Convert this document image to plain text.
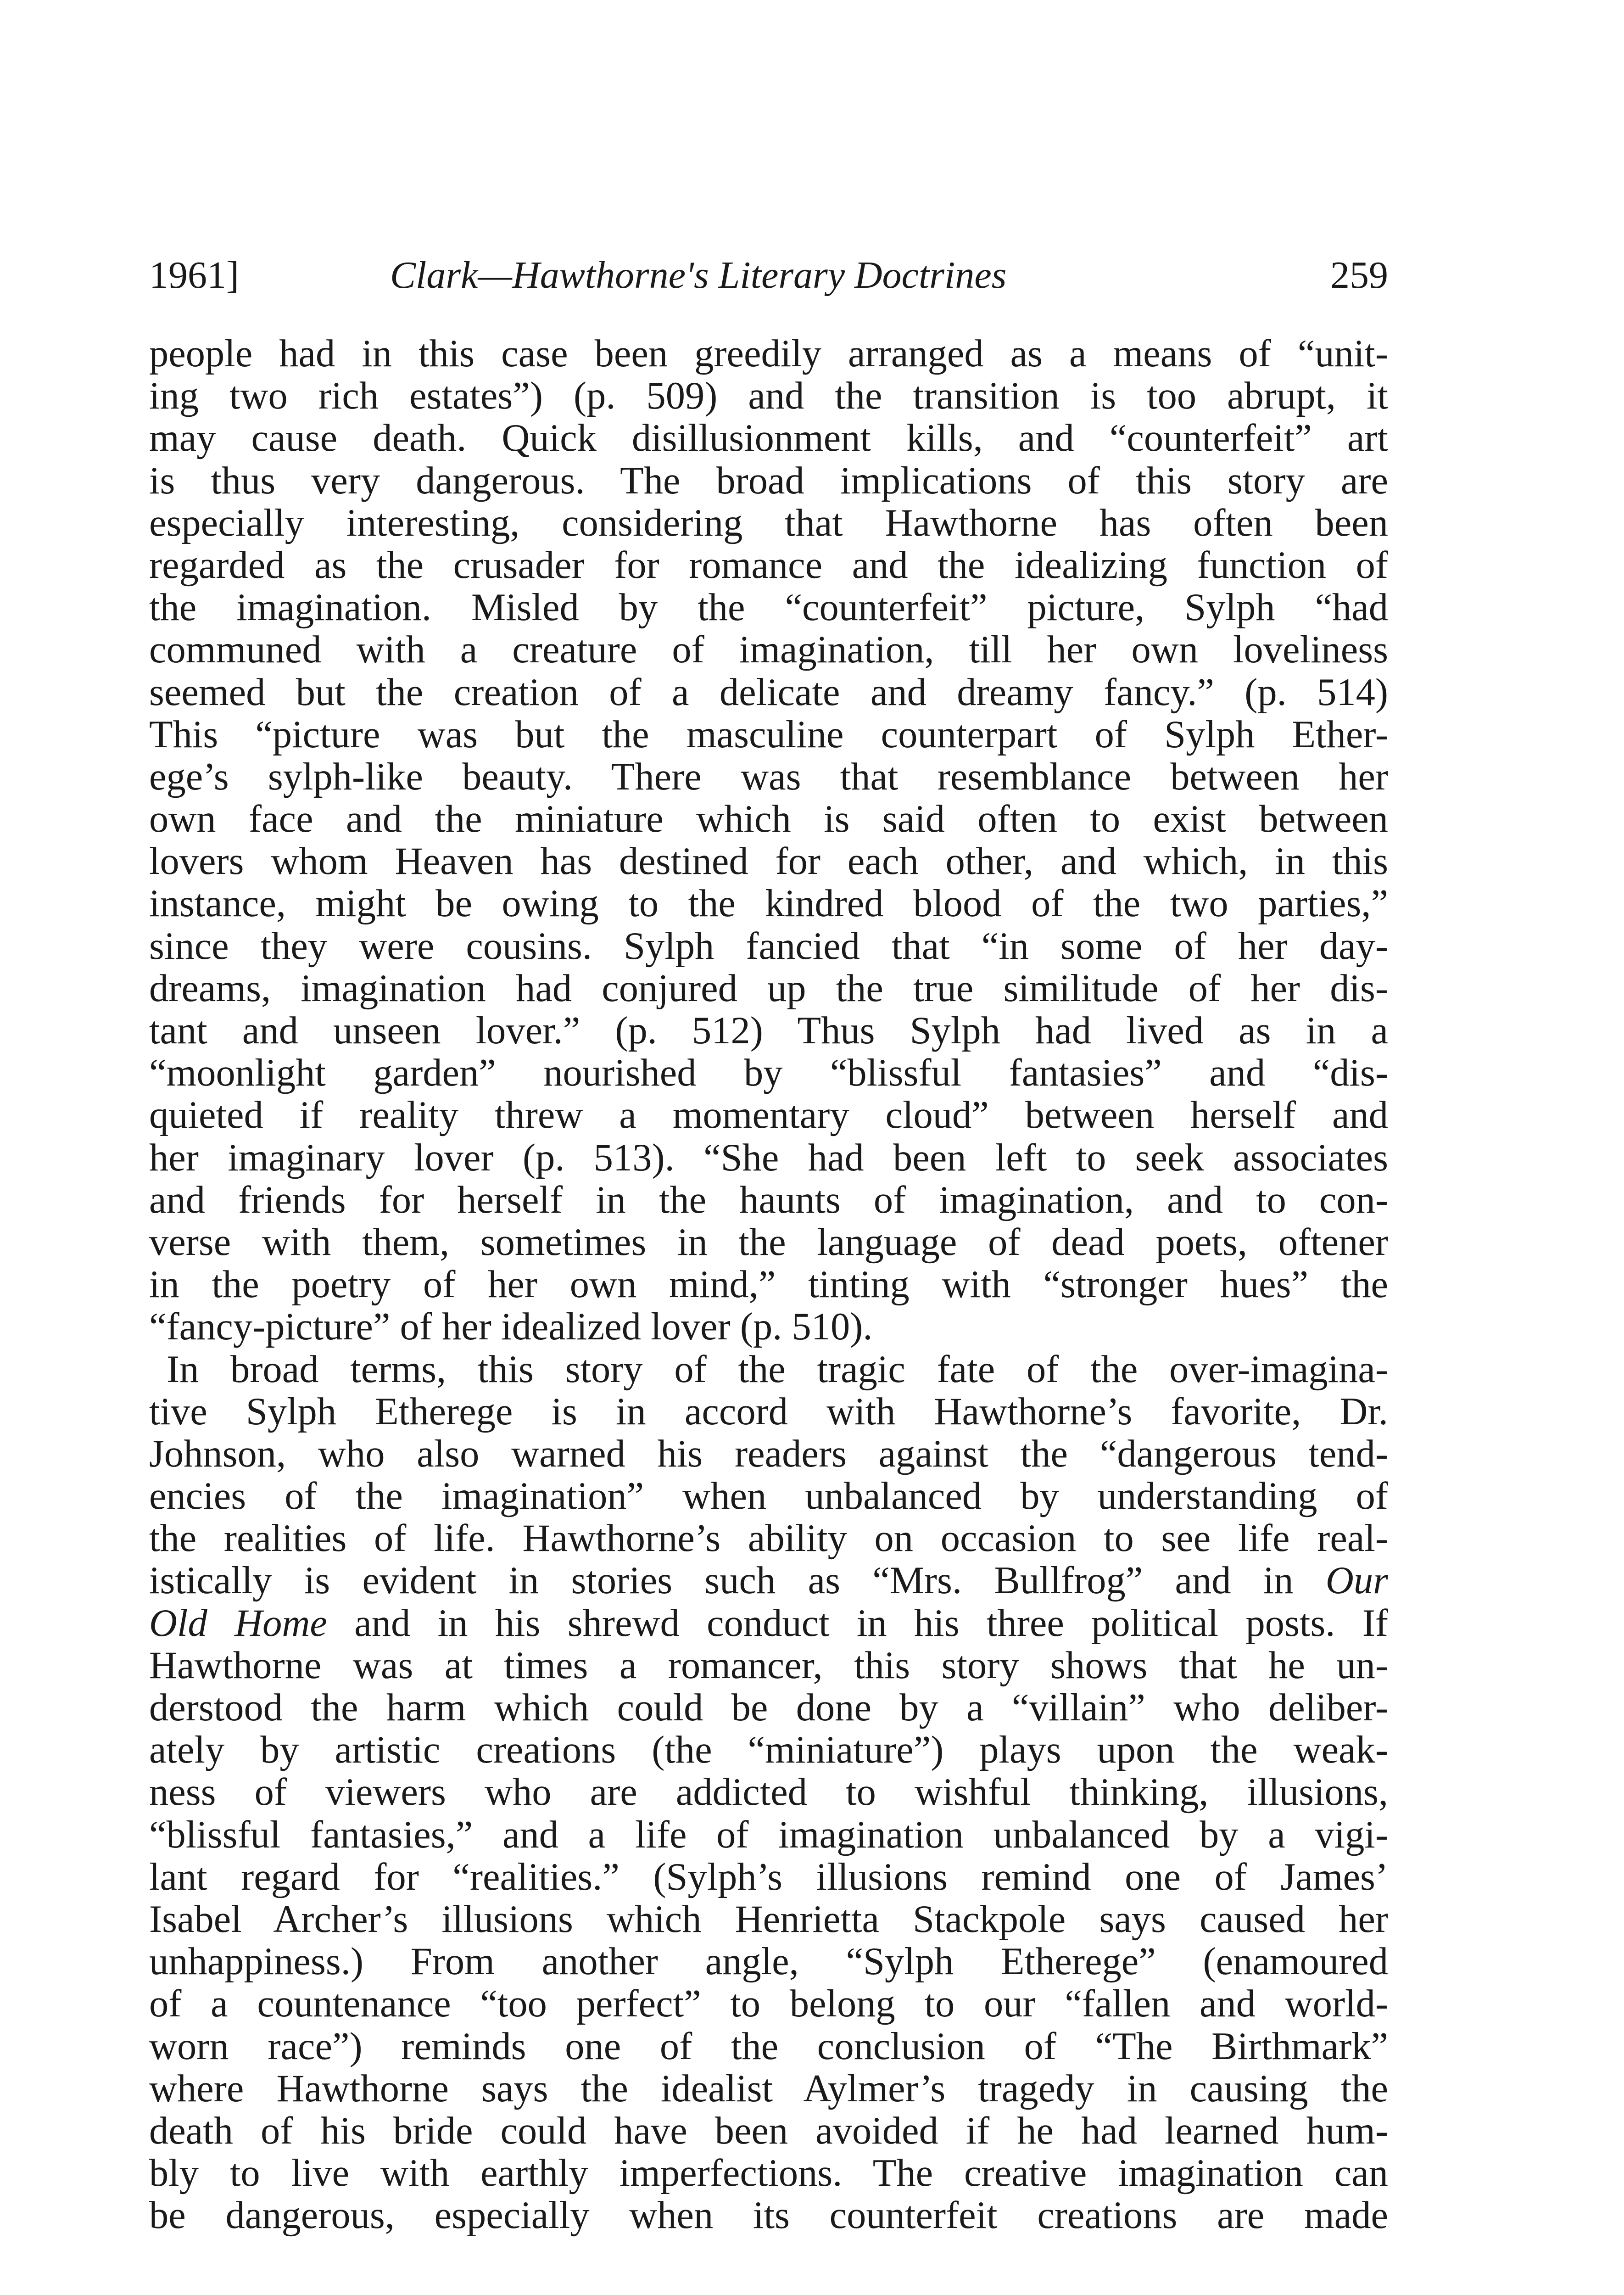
1961]	Clark—Hawthorne's Literary Doctrines	259
people had in this case been greedily arranged as a means of “unit-
ing two rich estates”) (p. 509) and the transition is too abrupt, it
may cause death. Quick disillusionment kills, and “counterfeit” art
is thus very dangerous. The broad implications of this story are
especially interesting, considering that Hawthorne has often been
regarded as the crusader for romance and the idealizing function of
the imagination. Misled by the “counterfeit” picture, Sylph “had
communed with a creature of imagination, till her own loveliness
seemed but the creation of a delicate and dreamy fancy.” (p. 514)
This “picture was but the masculine counterpart of Sylph Ether-
ege’s sylph-like beauty. There was that resemblance between her
own face and the miniature which is said often to exist between
lovers whom Heaven has destined for each other, and which, in this
instance, might be owing to the kindred blood of the two parties,”
since they were cousins. Sylph fancied that “in some of her day-
dreams, imagination had conjured up the true similitude of her dis-
tant and unseen lover.” (p. 512) Thus Sylph had lived as in a
“moonlight garden” nourished by “blissful fantasies” and “dis-
quieted if reality threw a momentary cloud” between herself and
her imaginary lover (p. 513). “She had been left to seek associates
and friends for herself in the haunts of imagination, and to con-
verse with them, sometimes in the language of dead poets, oftener
in the poetry of her own mind,” tinting with “stronger hues” the
“fancy-picture” of her idealized lover (p. 510).
In broad terms, this story of the tragic fate of the over-imagina-
tive Sylph Etherege is in accord with Hawthorne’s favorite, Dr.
Johnson, who also warned his readers against the “dangerous tend-
encies of the imagination” when unbalanced by understanding of
the realities of life. Hawthorne’s ability on occasion to see life real-
istically is evident in stories such as “Mrs. Bullfrog” and in Our
Old Home and in his shrewd conduct in his three political posts. If
Hawthorne was at times a romancer, this story shows that he un-
derstood the harm which could be done by a “villain” who deliber-
ately by artistic creations (the “miniature”) plays upon the weak-
ness of viewers who are addicted to wishful thinking, illusions,
“blissful fantasies,” and a life of imagination unbalanced by a vigi-
lant regard for “realities.” (Sylph’s illusions remind one of James’
Isabel Archer’s illusions which Henrietta Stackpole says caused her
unhappiness.) From another angle, “Sylph Etherege” (enamoured
of a countenance “too perfect” to belong to our “fallen and world-
worn race”) reminds one of the conclusion of “The Birthmark”
where Hawthorne says the idealist Aylmer’s tragedy in causing the
death of his bride could have been avoided if he had learned hum-
bly to live with earthly imperfections. The creative imagination can
be dangerous, especially when its counterfeit creations are made
